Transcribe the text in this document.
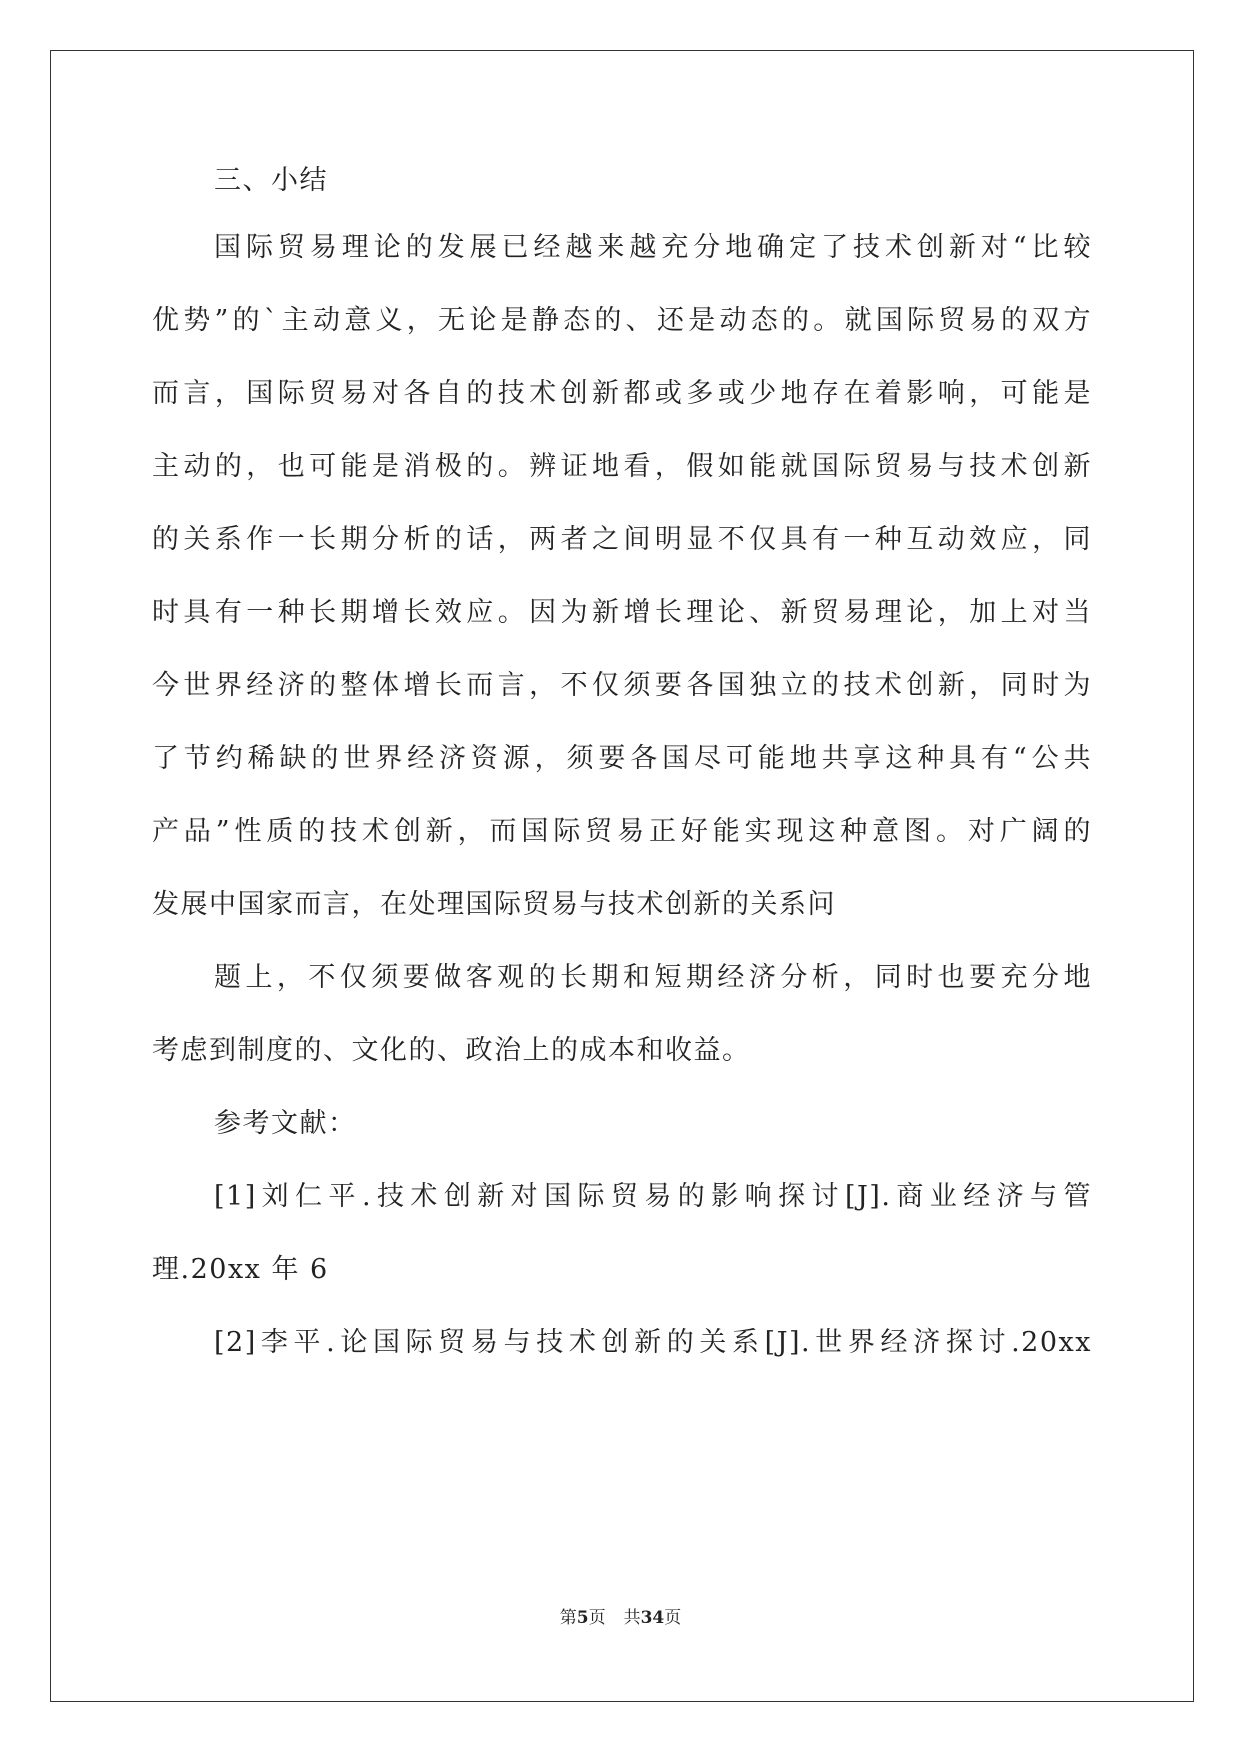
三、小结
国际贸易理论的发展已经越来越充分地确定了技术创新对“比较
优势”的`主动意义，无论是静态的、还是动态的。就国际贸易的双方
而言，国际贸易对各自的技术创新都或多或少地存在着影响，可能是
主动的，也可能是消极的。辨证地看，假如能就国际贸易与技术创新
的关系作一长期分析的话，两者之间明显不仅具有一种互动效应，同
时具有一种长期增长效应。因为新增长理论、新贸易理论，加上对当
今世界经济的整体增长而言，不仅须要各国独立的技术创新，同时为
了节约稀缺的世界经济资源，须要各国尽可能地共享这种具有“公共
产品”性质的技术创新，而国际贸易正好能实现这种意图。对广阔的
发展中国家而言，在处理国际贸易与技术创新的关系问
题上，不仅须要做客观的长期和短期经济分析，同时也要充分地
考虑到制度的、文化的、政治上的成本和收益。
参考文献：
[1]刘仁平.技术创新对国际贸易的影响探讨[J].商业经济与管
理.20xx 年 6
[2]李平.论国际贸易与技术创新的关系[J].世界经济探讨.20xx
第5页 共34页
